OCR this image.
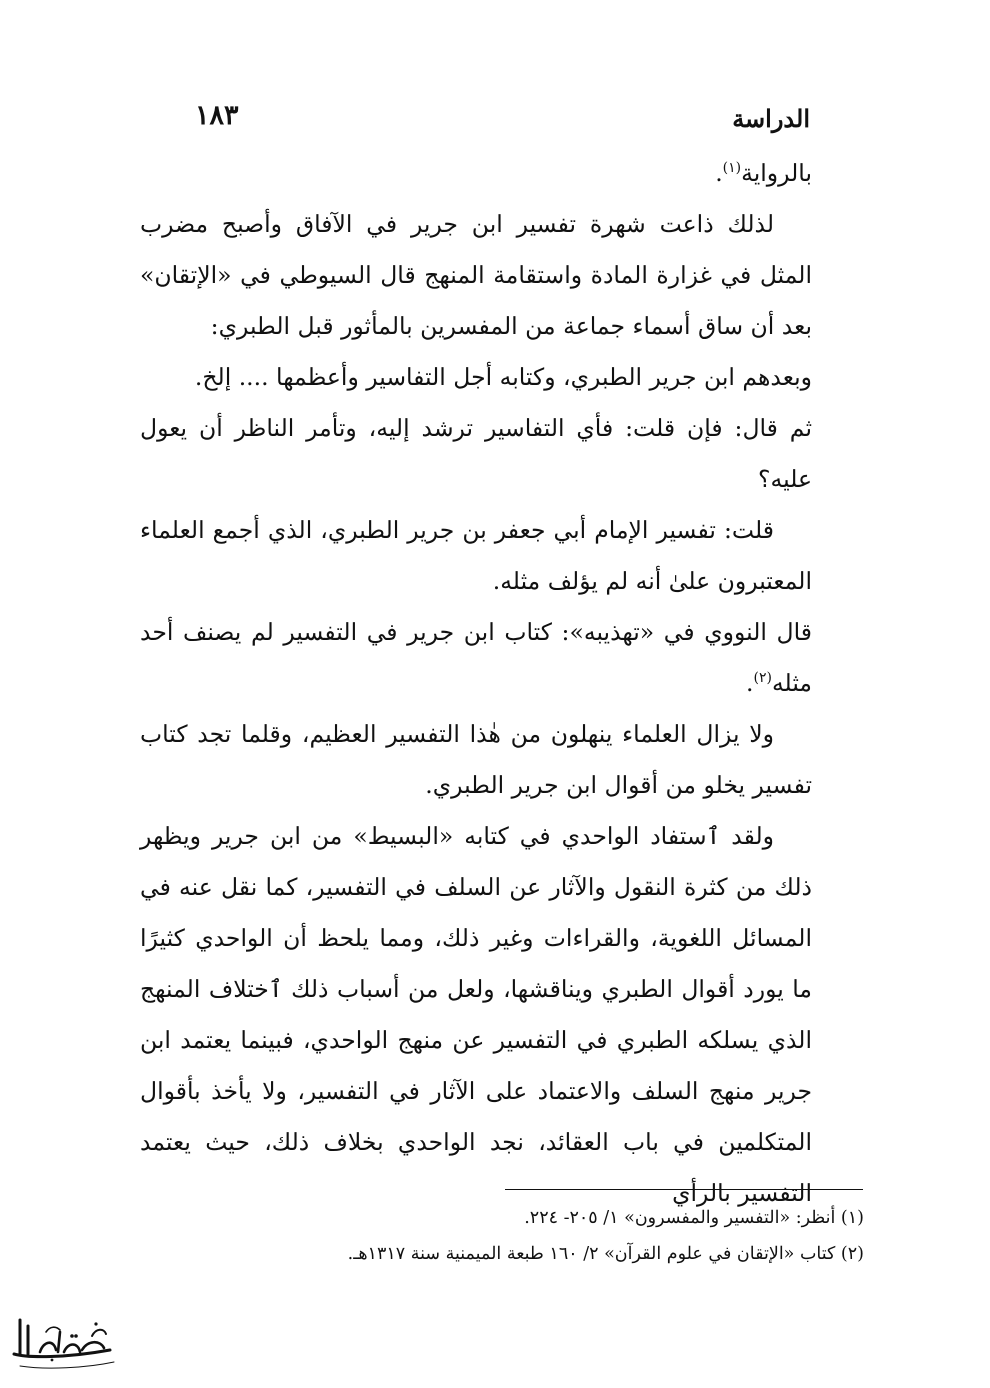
الدراسة
١٨٣

بالرواية$^{(١)}$.

لذلك ذاعت شهرة تفسير ابن جرير في الآفاق وأصبح مضرب المثل في غزارة المادة واستقامة المنهج قال السيوطي في «الإتقان» بعد أن ساق أسماء جماعة من المفسرين بالمأثور قبل الطبري:

وبعدهم ابن جرير الطبري، وكتابه أجل التفاسير وأعظمها .... إلخ.

ثم قال: فإن قلت: فأي التفاسير ترشد إليه، وتأمر الناظر أن يعول عليه؟

قلت: تفسير الإمام أبي جعفر بن جرير الطبري، الذي أجمع العلماء المعتبرون علىٰ أنه لم يؤلف مثله.

قال النووي في «تهذيبه»: كتاب ابن جرير في التفسير لم يصنف أحد مثله$^{(٢)}$.

ولا يزال العلماء ينهلون من هٰذا التفسير العظيم، وقلما تجد كتاب تفسير يخلو من أقوال ابن جرير الطبري.

ولقد ٱستفاد الواحدي في كتابه «البسيط» من ابن جرير ويظهر ذلك من كثرة النقول والآثار عن السلف في التفسير، كما نقل عنه في المسائل اللغوية، والقراءات وغير ذلك، ومما يلحظ أن الواحدي كثيرًا ما يورد أقوال الطبري ويناقشها، ولعل من أسباب ذلك ٱختلاف المنهج الذي يسلكه الطبري في التفسير عن منهج الواحدي، فبينما يعتمد ابن جرير منهج السلف والاعتماد على الآثار في التفسير، ولا يأخذ بأقوال المتكلمين في باب العقائد، نجد الواحدي بخلاف ذلك، حيث يعتمد التفسير بالرأي

(١) أنظر: «التفسير والمفسرون» ١/ ٢٠٥- ٢٢٤.

(٢) كتاب «الإتقان في علوم القرآن» ٢/ ١٦٠ طبعة الميمنية سنة ١٣١٧هـ.
